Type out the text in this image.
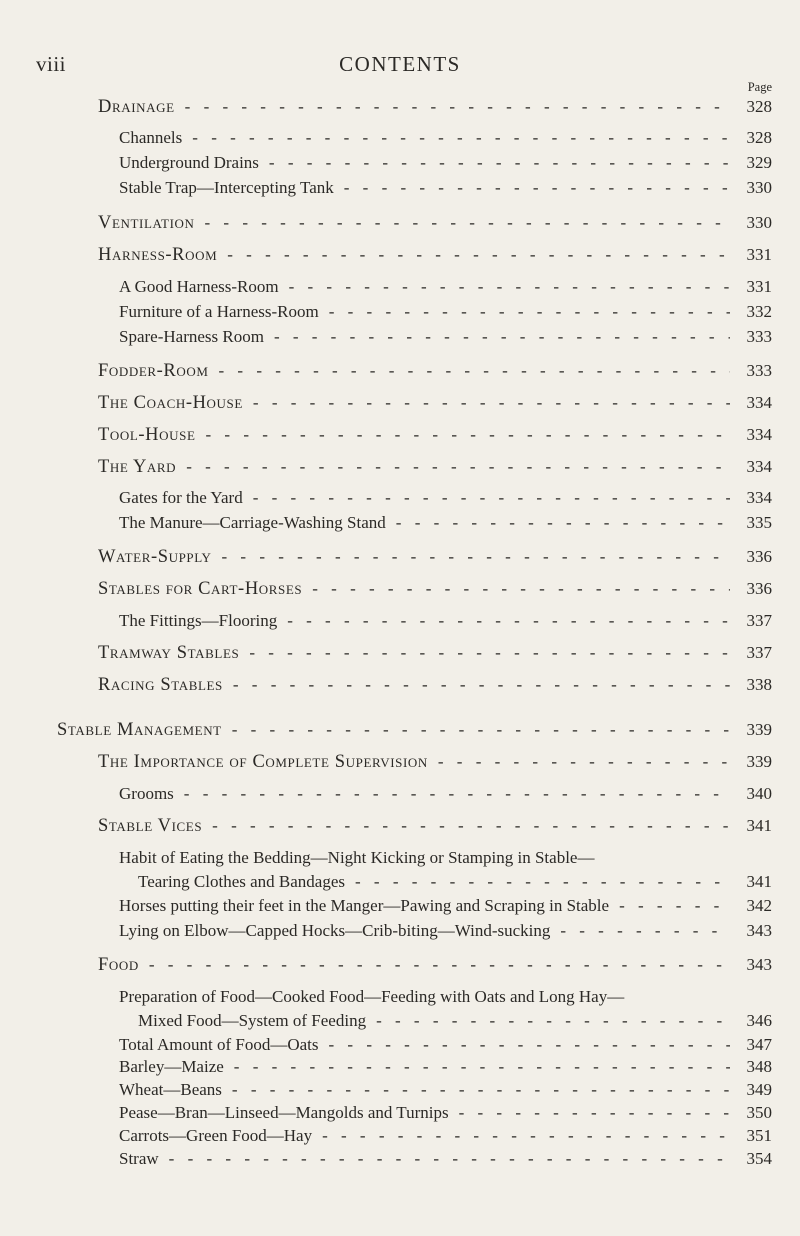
viii	CONTENTS
Page
Drainage - - -	328
Channels - - -	328
Underground Drains - - -	329
Stable Trap—Intercepting Tank - - -	330
Ventilation - - -	330
Harness-Room - - -	331
A Good Harness-Room - - -	331
Furniture of a Harness-Room - - -	332
Spare-Harness Room - - -	333
Fodder-Room - - -	333
The Coach-House - - -	334
Tool-House - - -	334
The Yard - - -	334
Gates for the Yard - - -	334
The Manure—Carriage-Washing Stand - - -	335
Water-Supply - - -	336
Stables for Cart-Horses - - -	336
The Fittings—Flooring - - -	337
Tramway Stables - - -	337
Racing Stables - - -	338
Stable Management - - -	339
The Importance of Complete Supervision - - -	339
Grooms - - -	340
Stable Vices - - -	341
Habit of Eating the Bedding—Night Kicking or Stamping in Stable—
Tearing Clothes and Bandages - - -	341
Horses putting their feet in the Manger—Pawing and Scraping in Stable - - -	342
Lying on Elbow—Capped Hocks—Crib-biting—Wind-sucking - - -	343
Food - - -	343
Preparation of Food—Cooked Food—Feeding with Oats and Long Hay—
Mixed Food—System of Feeding - - -	346
Total Amount of Food—Oats - - -	347
Barley—Maize - - -	348
Wheat—Beans - - -	349
Pease—Bran—Linseed—Mangolds and Turnips - - -	350
Carrots—Green Food—Hay - - -	351
Straw - - -	354
